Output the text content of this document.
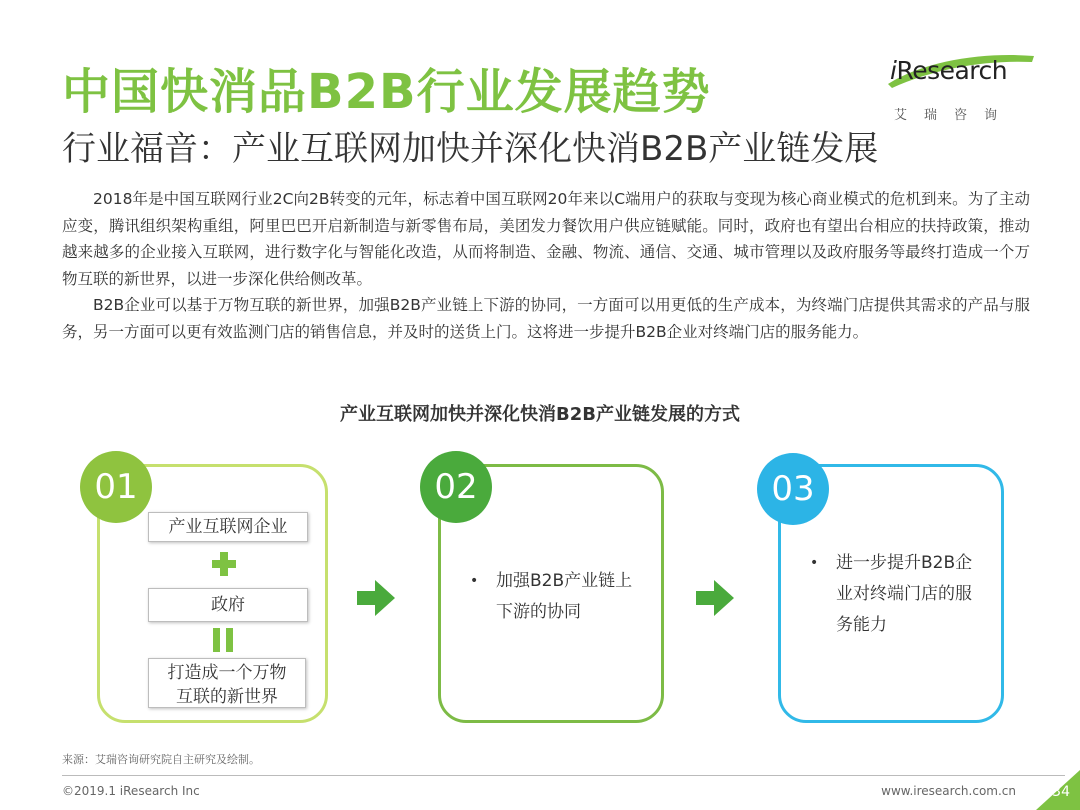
中国快消品B2B行业发展趋势
行业福音：产业互联网加快并深化快消B2B产业链发展
iResearch
艾瑞咨询

2018年是中国互联网行业2C向2B转变的元年，标志着中国互联网20年来以C端用户的获取与变现为核心商业模式的危机到来。为了主动应变，腾讯组织架构重组，阿里巴巴开启新制造与新零售布局，美团发力餐饮用户供应链赋能。同时，政府也有望出台相应的扶持政策，推动越来越多的企业接入互联网，进行数字化与智能化改造，从而将制造、金融、物流、通信、交通、城市管理以及政府服务等最终打造成一个万物互联的新世界，以进一步深化供给侧改革。

B2B企业可以基于万物互联的新世界，加强B2B产业链上下游的协同，一方面可以用更低的生产成本，为终端门店提供其需求的产品与服务，另一方面可以更有效监测门店的销售信息，并及时的送货上门。这将进一步提升B2B企业对终端门店的服务能力。

产业互联网加快并深化快消B2B产业链发展的方式
01
产业互联网企业
政府
打造成一个万物
互联的新世界
02
•	加强B2B产业链上下游的协同
03
•	进一步提升B2B企业对终端门店的服务能力
来源：艾瑞咨询研究院自主研究及绘制。
©2019.1 iResearch Inc	www.iresearch.com.cn	34
